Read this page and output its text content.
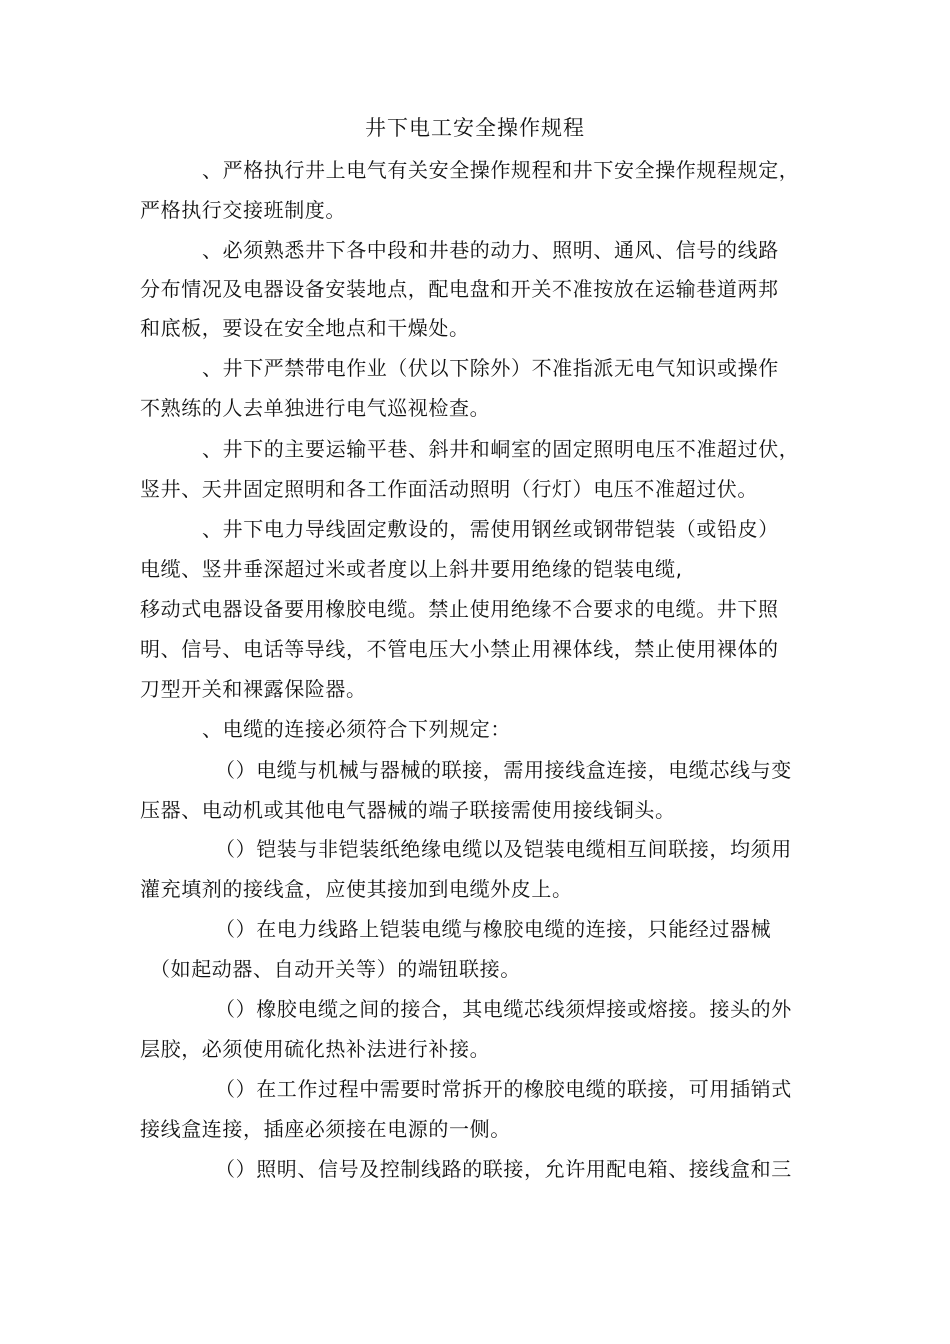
井下电工安全操作规程
、严格执行井上电气有关安全操作规程和井下安全操作规程规定，
严格执行交接班制度。
、必须熟悉井下各中段和井巷的动力、照明、通风、信号的线路
分布情况及电器设备安装地点，配电盘和开关不准按放在运输巷道两邦
和底板，要设在安全地点和干燥处。
、井下严禁带电作业（伏以下除外）不准指派无电气知识或操作
不熟练的人去单独进行电气巡视检查。
、井下的主要运输平巷、斜井和峒室的固定照明电压不准超过伏，
竖井、天井固定照明和各工作面活动照明（行灯）电压不准超过伏。
、井下电力导线固定敷设的，需使用钢丝或钢带铠装（或铅皮）
电缆、竖井垂深超过米或者度以上斜井要用绝缘的铠装电缆,
移动式电器设备要用橡胶电缆。禁止使用绝缘不合要求的电缆。井下照
明、信号、电话等导线，不管电压大小禁止用裸体线，禁止使用裸体的
刀型开关和裸露保险器。
、电缆的连接必须符合下列规定：
（）电缆与机械与器械的联接，需用接线盒连接，电缆芯线与变
压器、电动机或其他电气器械的端子联接需使用接线铜头。
（）铠装与非铠装纸绝缘电缆以及铠装电缆相互间联接，均须用
灌充填剂的接线盒，应使其接加到电缆外皮上。
（）在电力线路上铠装电缆与橡胶电缆的连接，只能经过器械
（如起动器、自动开关等）的端钮联接。
（）橡胶电缆之间的接合，其电缆芯线须焊接或熔接。接头的外
层胶，必须使用硫化热补法进行补接。
（）在工作过程中需要时常拆开的橡胶电缆的联接，可用插销式
接线盒连接，插座必须接在电源的一侧。
（）照明、信号及控制线路的联接，允许用配电箱、接线盒和三
